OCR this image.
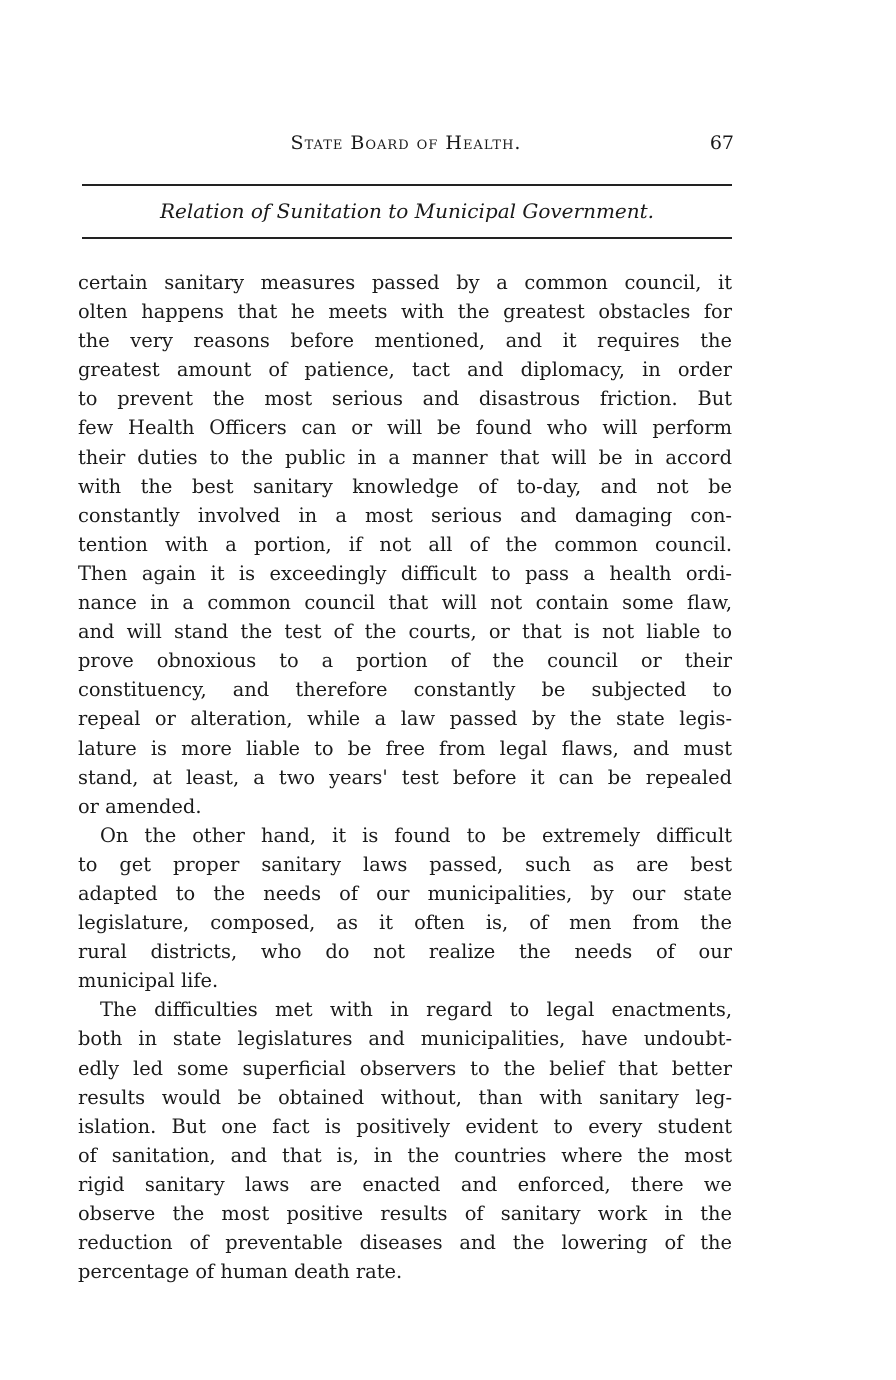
State Board of Health.	67
Relation of Sunitation to Municipal Government.
certain sanitary measures passed by a common council, it
olten happens that he meets with the greatest obstacles for
the very reasons before mentioned, and it requires the
greatest amount of patience, tact and diplomacy, in order
to prevent the most serious and disastrous friction. But
few Health Officers can or will be found who will perform
their duties to the public in a manner that will be in accord
with the best sanitary knowledge of to-day, and not be
constantly involved in a most serious and damaging con-
tention with a portion, if not all of the common council.
Then again it is exceedingly difficult to pass a health ordi-
nance in a common council that will not contain some flaw,
and will stand the test of the courts, or that is not liable to
prove obnoxious to a portion of the council or their
constituency, and therefore constantly be subjected to
repeal or alteration, while a law passed by the state legis-
lature is more liable to be free from legal flaws, and must
stand, at least, a two years' test before it can be repealed
or amended.
On the other hand, it is found to be extremely difficult
to get proper sanitary laws passed, such as are best
adapted to the needs of our municipalities, by our state
legislature, composed, as it often is, of men from the
rural districts, who do not realize the needs of our
municipal life.
The difficulties met with in regard to legal enactments,
both in state legislatures and municipalities, have undoubt-
edly led some superficial observers to the belief that better
results would be obtained without, than with sanitary leg-
islation. But one fact is positively evident to every student
of sanitation, and that is, in the countries where the most
rigid sanitary laws are enacted and enforced, there we
observe the most positive results of sanitary work in the
reduction of preventable diseases and the lowering of the
percentage of human death rate.
